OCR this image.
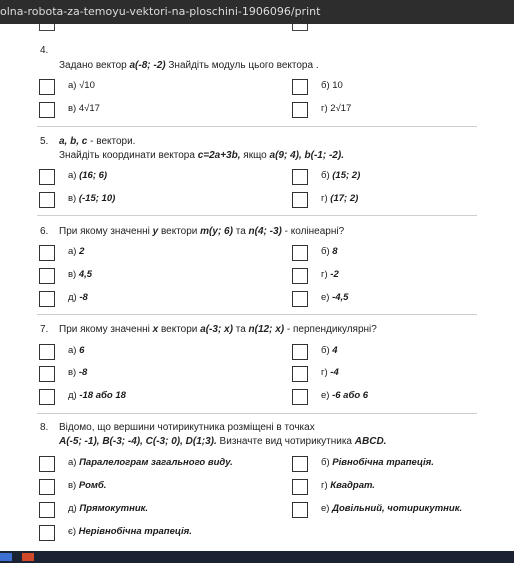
olna-robota-za-temoyu-vektori-na-ploschini-1906096/print
4.
Задано вектор a(-8; -2) Знайдіть модуль цього вектора .
а) √10	б) 10
в) 4√17	г) 2√17
5. a, b, c - вектори.
Знайдіть координати вектора c=2a+3b, якщо a(9; 4), b(-1; -2).
а) (16; 6)	б) (15; 2)
в) (-15; 10)	г) (17; 2)
6. При якому значенні y вектори m(y; 6) та n(4; -3) - колінеарні?
а) 2	б) 8
в) 4,5	г) -2
д) -8	е) -4,5
7. При якому значенні x вектори a(-3; x) та n(12; x) - перпендикулярні?
а) 6	б) 4
в) -8	г) -4
д) -18 або 18	е) -6 або 6
8. Відомо, що вершини чотирикутника розміщені в точках
A(-5; -1), B(-3; -4), C(-3; 0), D(1;3). Визначте вид чотирикутника ABCD.
а) Паралелограм загального виду.	б) Рівнобічна трапеція.
в) Ромб.	г) Квадрат.
д) Прямокутник.	е) Довільний, чотирикутник.
є) Нерівнобічна трапеція.
